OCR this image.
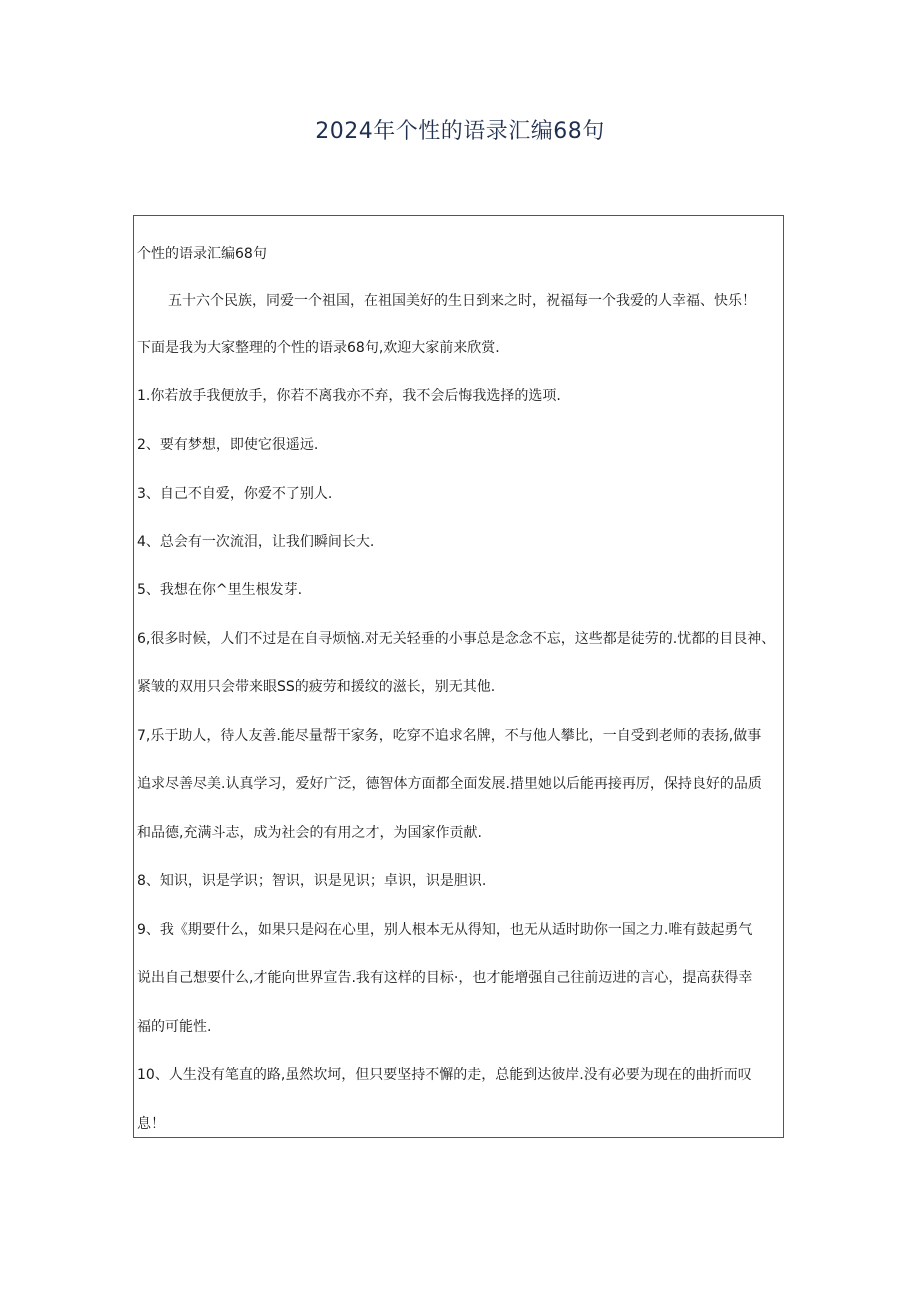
2024年个性的语录汇编68句
个性的语录汇编68句
五十六个民族，同爱一个祖国，在祖国美好的生日到来之时，祝福每一个我爱的人幸福、快乐！
下面是我为大家整理的个性的语录68句,欢迎大家前来欣赏.
1.你若放手我便放手，你若不离我亦不弃，我不会后悔我选择的选项.
2、要有梦想，即使它很遥远.
3、自己不自爱，你爱不了别人.
4、总会有一次流泪，让我们瞬间长大.
5、我想在你^里生根发芽.
6,很多时候，人们不过是在自寻烦恼.对无关轻垂的小事总是念念不忘，这些都是徒劳的.忧都的目艮神、
紧皱的双用只会带来眼SS的疲劳和援纹的滋长，别无其他.
7,乐于助人，待人友善.能尽量帮干家务，吃穿不追求名牌，不与他人攀比，一自受到老师的表扬,做事
追求尽善尽美.认真学习，爱好广泛，德智体方面都全面发展.措里她以后能再接再厉，保持良好的品质
和品德,充满斗志，成为社会的有用之才，为国家作贡献.
8、知识，识是学识；智识，识是见识；卓识，识是胆识.
9、我《期要什么，如果只是闷在心里，别人根本无从得知，也无从适时助你一国之力.唯有鼓起勇气
说出自己想要什么,才能向世界宣告.我有这样的目标·，也才能增强自己往前迈进的言心，提高获得幸
福的可能性.
10、人生没有笔直的路,虽然坎坷，但只要坚持不懈的走，总能到达彼岸.没有必要为现在的曲折而叹
息！
